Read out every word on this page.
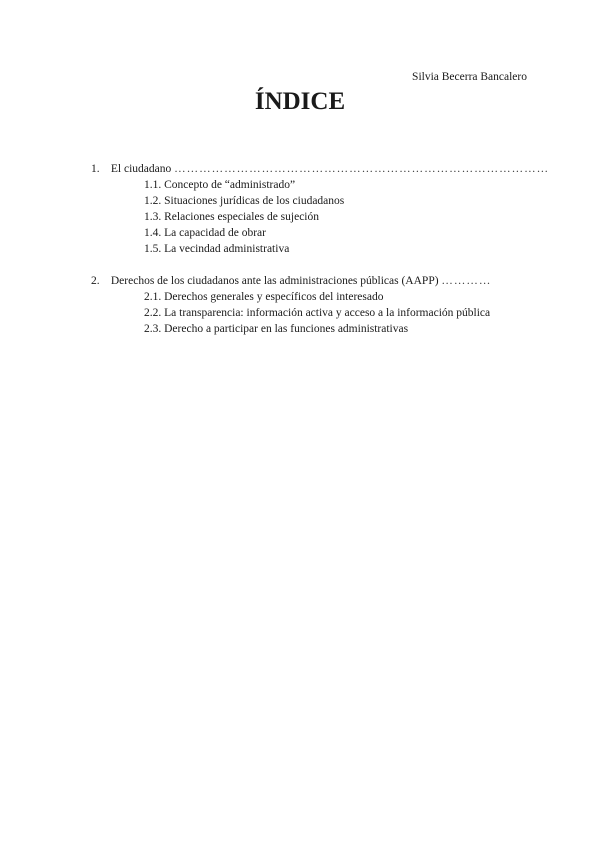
Silvia Becerra Bancalero
ÍNDICE
1. El ciudadano ………………………………………………………………………………
1.1. Concepto de “administrado”
1.2. Situaciones jurídicas de los ciudadanos
1.3. Relaciones especiales de sujeción
1.4. La capacidad de obrar
1.5. La vecindad administrativa
2. Derechos de los ciudadanos ante las administraciones públicas (AAPP) …………
2.1. Derechos generales y específicos del interesado
2.2. La transparencia: información activa y acceso a la información pública
2.3. Derecho a participar en las funciones administrativas
